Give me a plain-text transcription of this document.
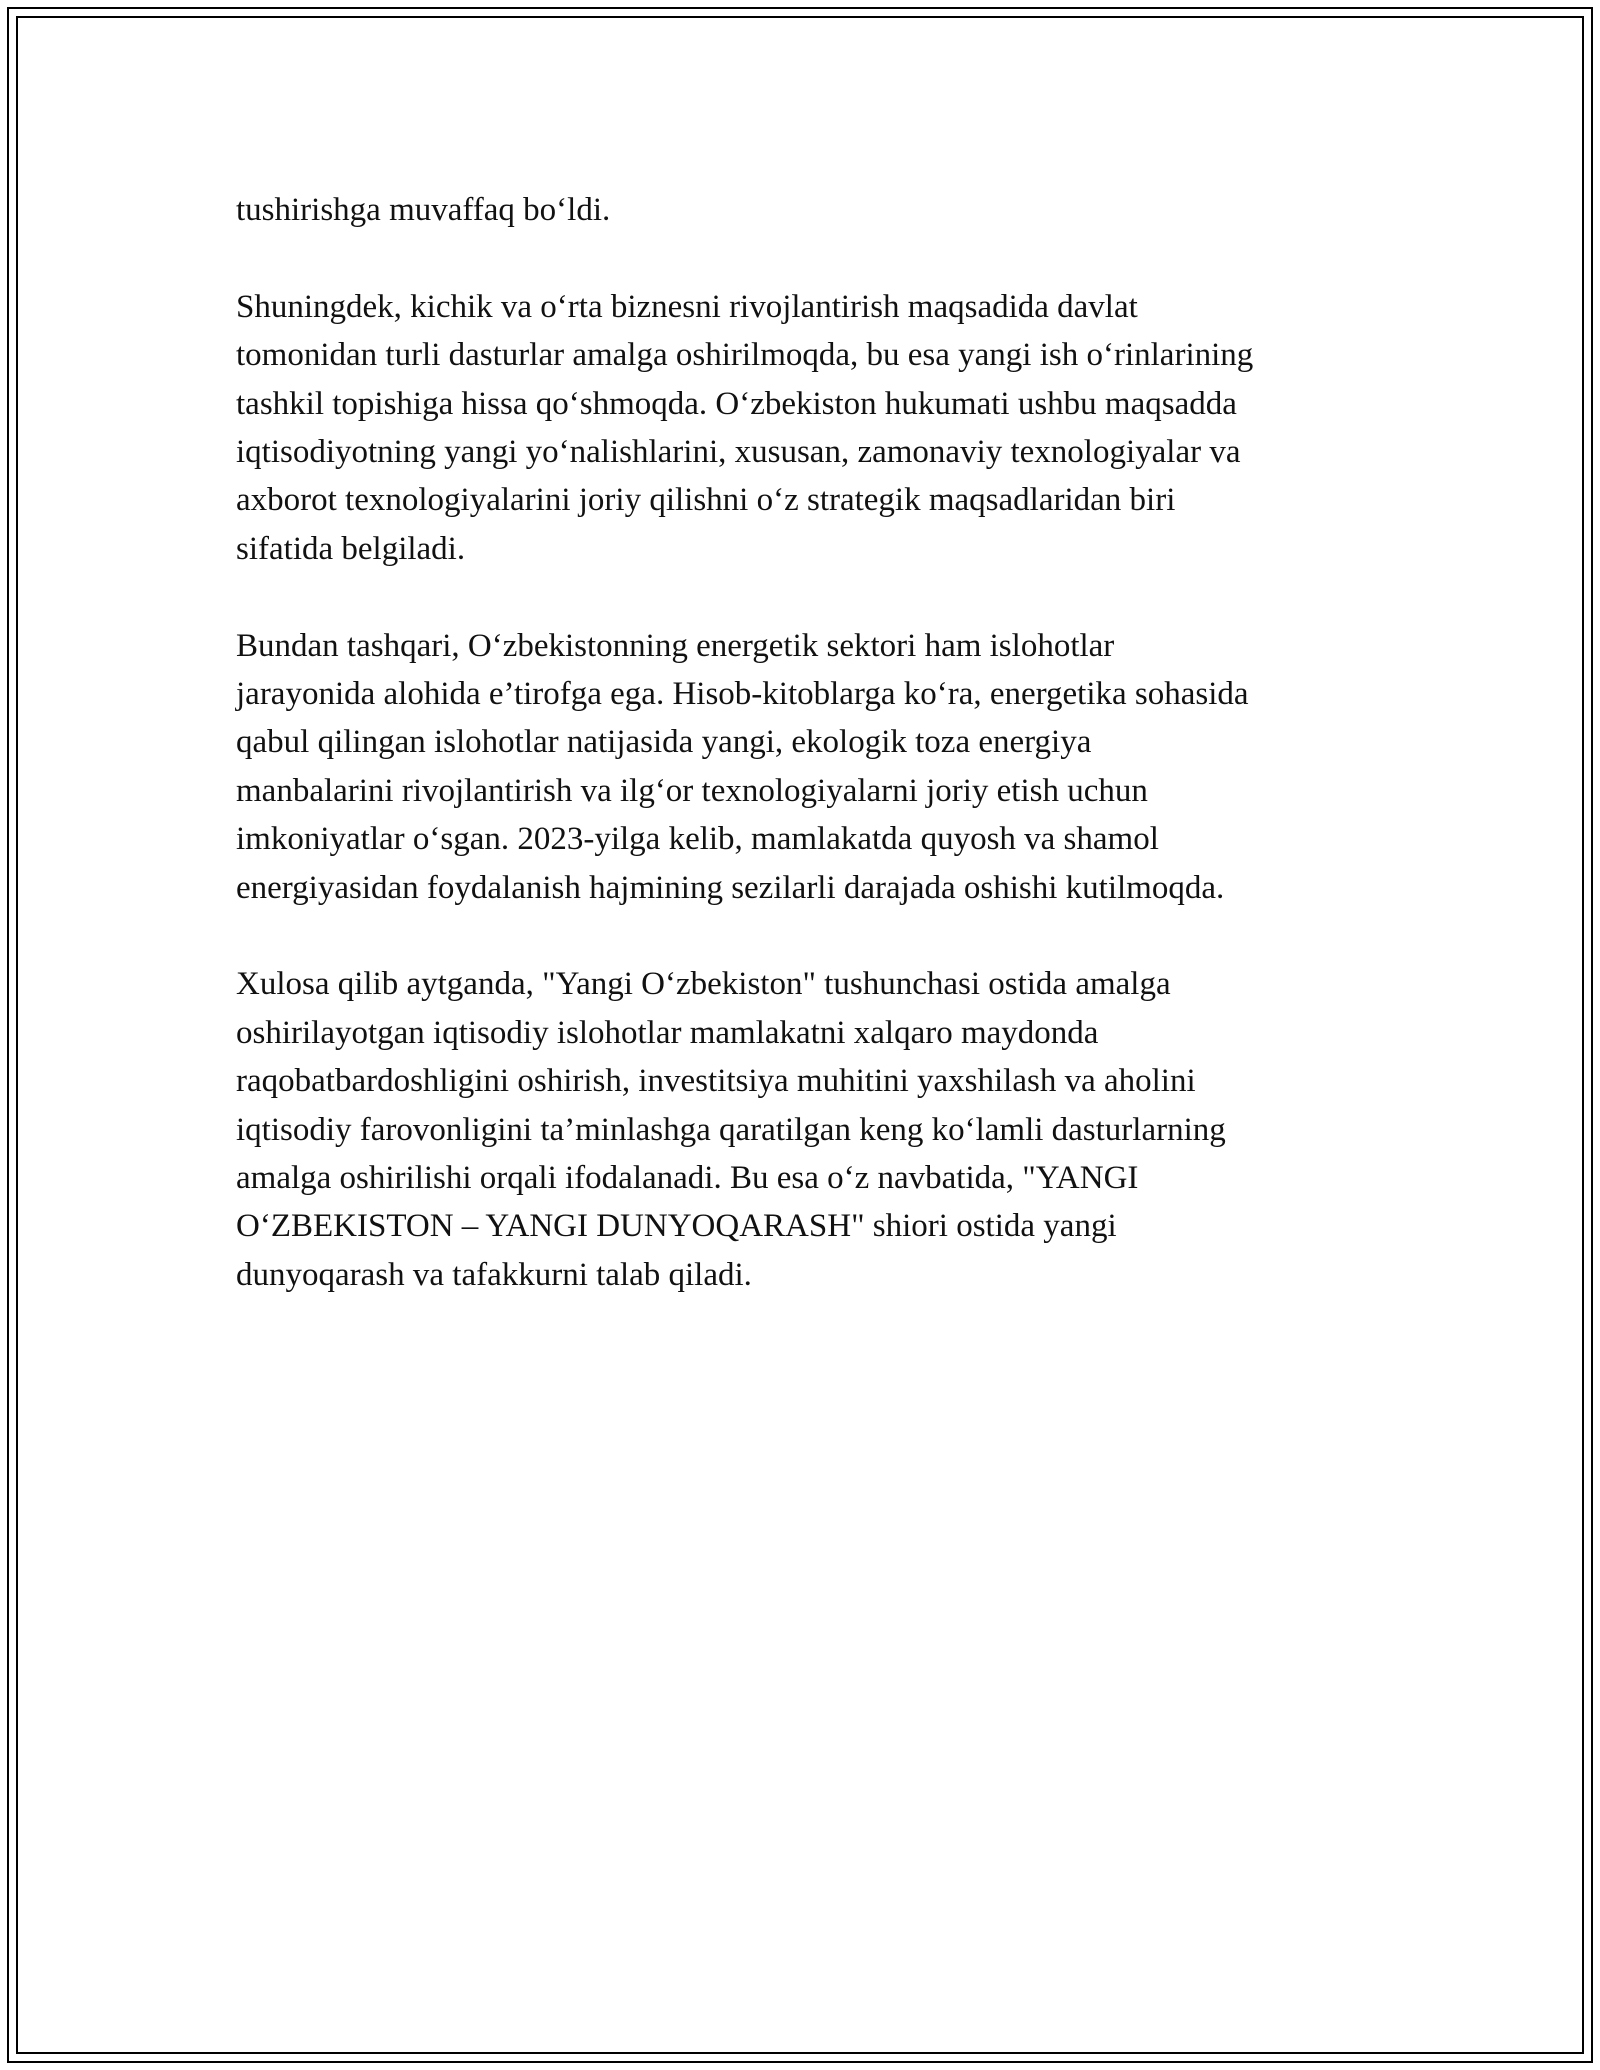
tushirishga muvaffaq boʻldi.

Shuningdek, kichik va oʻrta biznesni rivojlantirish maqsadida davlat
tomonidan turli dasturlar amalga oshirilmoqda, bu esa yangi ish oʻrinlarining
tashkil topishiga hissa qoʻshmoqda. Oʻzbekiston hukumati ushbu maqsadda
iqtisodiyotning yangi yoʻnalishlarini, xususan, zamonaviy texnologiyalar va
axborot texnologiyalarini joriy qilishni oʻz strategik maqsadlaridan biri
sifatida belgiladi.

Bundan tashqari, Oʻzbekistonning energetik sektori ham islohotlar
jarayonida alohida e’tirofga ega. Hisob-kitoblarga koʻra, energetika sohasida
qabul qilingan islohotlar natijasida yangi, ekologik toza energiya
manbalarini rivojlantirish va ilgʻor texnologiyalarni joriy etish uchun
imkoniyatlar oʻsgan. 2023-yilga kelib, mamlakatda quyosh va shamol
energiyasidan foydalanish hajmining sezilarli darajada oshishi kutilmoqda.

Xulosa qilib aytganda, "Yangi Oʻzbekiston" tushunchasi ostida amalga
oshirilayotgan iqtisodiy islohotlar mamlakatni xalqaro maydonda
raqobatbardoshligini oshirish, investitsiya muhitini yaxshilash va aholini
iqtisodiy farovonligini ta’minlashga qaratilgan keng koʻlamli dasturlarning
amalga oshirilishi orqali ifodalanadi. Bu esa oʻz navbatida, "YANGI
OʻZBEKISTON – YANGI DUNYOQARASH" shiori ostida yangi
dunyoqarash va tafakkurni talab qiladi.
